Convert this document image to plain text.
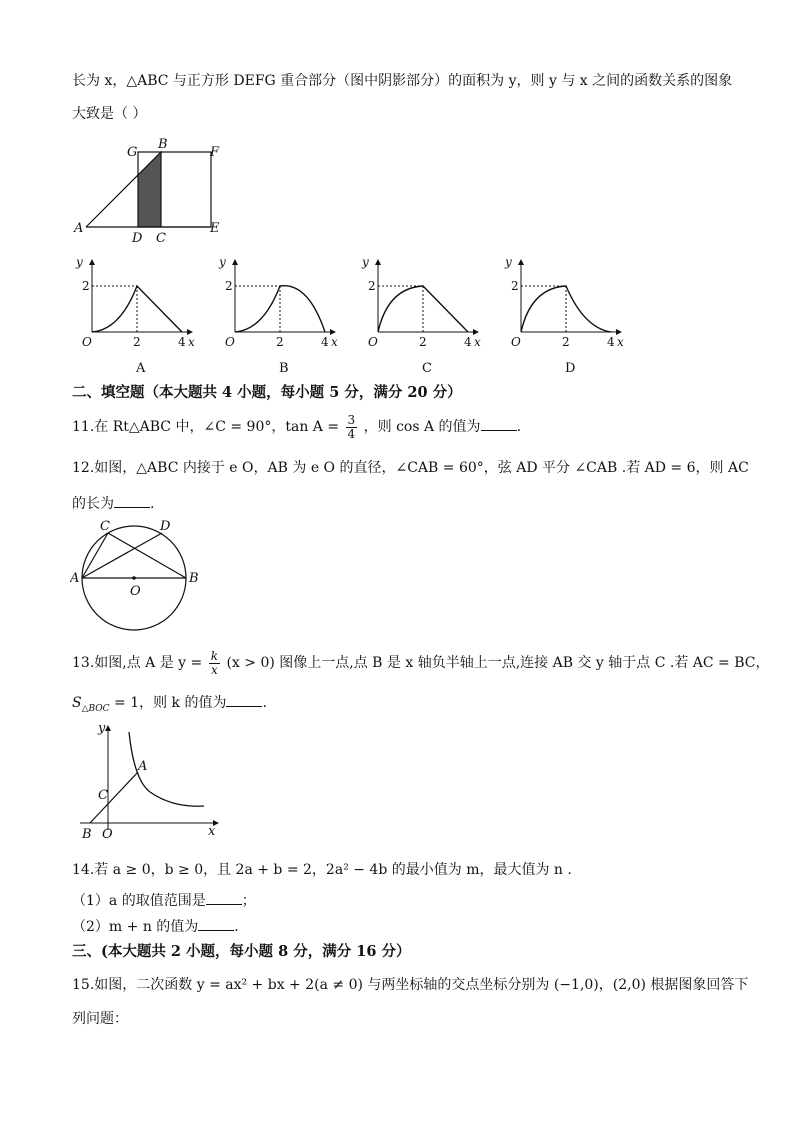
长为 x，△ABC 与正方形 DEFG 重合部分（图中阴影部分）的面积为 y，则 y 与 x 之间的函数关系的图象
大致是（ ）
A
B
C
D
E
F
G
y
2
O	2	4 x
A
y
2
O	2	4 x
B
y
2
O	2	4 x
C
y
2
O	2	4 x
D
二、填空题（本大题共 4 小题，每小题 5 分，满分 20 分）
11.在 Rt△ABC 中，∠C = 90°，$\tan A = \frac{3}{4}$ ，则 cos A 的值为	.
12.如图，△ABC 内接于 e O，AB 为 e O 的直径，∠CAB = 60°，弦 AD 平分 ∠CAB .若 AD = 6，则 AC
的长为	.
C	D
A	B
O
13.如图,点 A 是 $y = \frac{k}{x} (x > 0)$ 图像上一点,点 B 是 x 轴负半轴上一点,连接 AB 交 y 轴于点 C .若 AC = BC，
$S_{\triangle BOC} = 1$，则 k 的值为	.
y
A
C
B O	x
14.若 a ≥ 0，b ≥ 0，且 2a + b = 2，2a² − 4b 的最小值为 m，最大值为 n .
（1）a 的取值范围是	；
（2）m + n 的值为	.
三、(本大题共 2 小题，每小题 8 分，满分 16 分）
15.如图，二次函数 y = ax² + bx + 2(a ≠ 0) 与两坐标轴的交点坐标分别为 (−1,0)，(2,0) 根据图象回答下
列问题：
